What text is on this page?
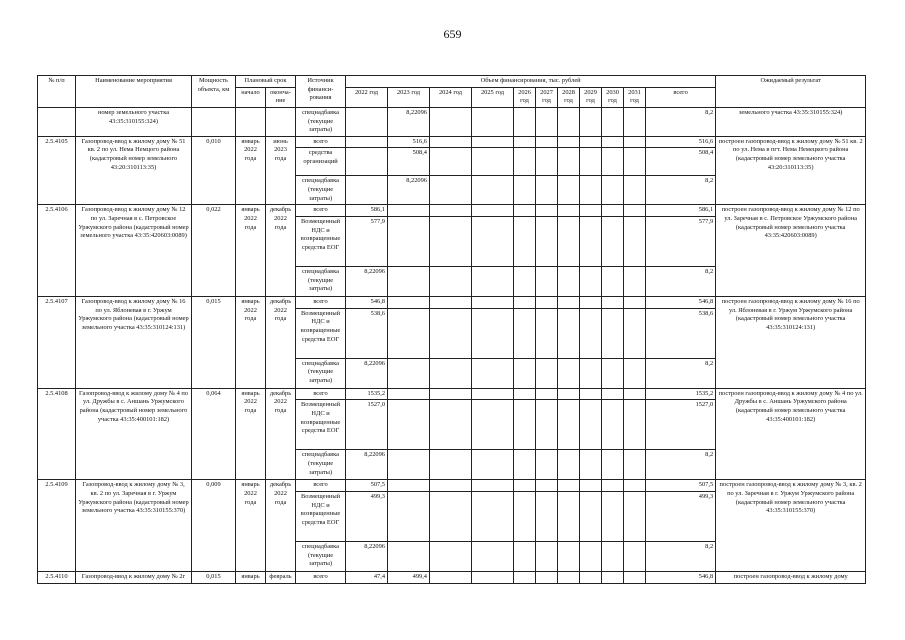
659
№ п/п	Наименование мероприятия	Мощность объекта, км	Плановый срок		Источник финанси-рования	Объем финансирования, тыс. рублей											Ожидаемый результат
			начало	оконча-ние		2022 год	2023 год	2024 год	2025 год	2026 год	2027 год	2028 год	2029 год	2030 год	2031 год	всего	
	номер земельного участка 43:35:310155:324)				спецнадбавка (текущие затраты)		8,22096									8,2	земельного участка 43:35:310155:324)
2.5.4105	Газопровод-ввод к жилому дому № 51 кв. 2 по ул. Нема Немцого района (кадастровый номер земельного 43:20:310113:35)	0,010	январь 2022 года	июнь 2023 года	всего		516,6									516,6	построен газопровод-ввод к жилому дому № 51 кв. 2 по ул. Нема в пгт. Нема Немецкого района (кадастровый номер земельного участка 43:20:310113:35)
					средства организаций		508,4									508,4	
					спецнадбавка (текущие затраты)		8,22096									8,2	
2.5.4106	Газопровод-ввод к жилому дому № 12 по ул. Заречная в с. Петровское Уржумского района (кадастровый номер земельного участка 43:35:420603:0089)	0,022	январь 2022 года	декабрь 2022 года	всего	586,1										586,1	построен газопровод-ввод к жилому дому № 12 по ул. Заречная в с. Петровское Уржумского района (кадастровый номер земельного участка 43:35:420603:0089)
					Возмещенный НДС и возвращенные средства ЕОГ	577,9										577,9	
					спецнадбавка (текущие затраты)	8,22096										8,2	
2.5.4107	Газопровод-ввод к жилому дому № 16 по ул. Яблоневая в г. Уржум Уржумского района (кадастровый номер земельного участка 43:35:310124:131)	0,015	январь 2022 года	декабрь 2022 года	всего	546,8										546,8	построен газопровод-ввод к жилому дому № 16 по ул. Яблоневая в г. Уржум Уржумского района (кадастровый номер земельного участка 43:35:310124:131)
					Возмещенный НДС и возвращенные средства ЕОГ	538,6										538,6	
					спецнадбавка (текущие затраты)	8,22096										8,2	
2.5.4108	Газопровод-ввод к жилому дому № 4 по ул. Дружбы в с. Аншань Уржумского района (кадастровый номер земельного участка 43:35:400101:182)	0,064	январь 2022 года	декабрь 2022 года	всего	1535,2										1535,2	построен газопровод-ввод к жилому дому № 4 по ул. Дружбы в с. Аншань Уржумского района (кадастровый номер земельного участка 43:35:400101:182)
					Возмещенный НДС и возвращенные средства ЕОГ	1527,0										1527,0	
					спецнадбавка (текущие затраты)	8,22096										8,2	
2.5.4109	Газопровод-ввод к жилому дому № 3, кв. 2 по ул. Заречная в г. Уржум Уржумского района (кадастровый номер земельного участка 43:35:310155:370)	0,009	январь 2022 года	декабрь 2022 года	всего	507,5										507,5	построен газопровод-ввод к жилому дому № 3, кв. 2 по ул. Заречная в г. Уржум Уржумского района (кадастровый номер земельного участка 43:35:310155:370)
					Возмещенный НДС и возвращенные средства ЕОГ	499,3										499,3	
					спецнадбавка (текущие затраты)	8,22096										8,2	
2.5.4110	Газопровод-ввод к жилому дому № 2г	0,015	январь	февраль	всего	47,4	499,4									546,8	построен газопровод-ввод к жилому дому
